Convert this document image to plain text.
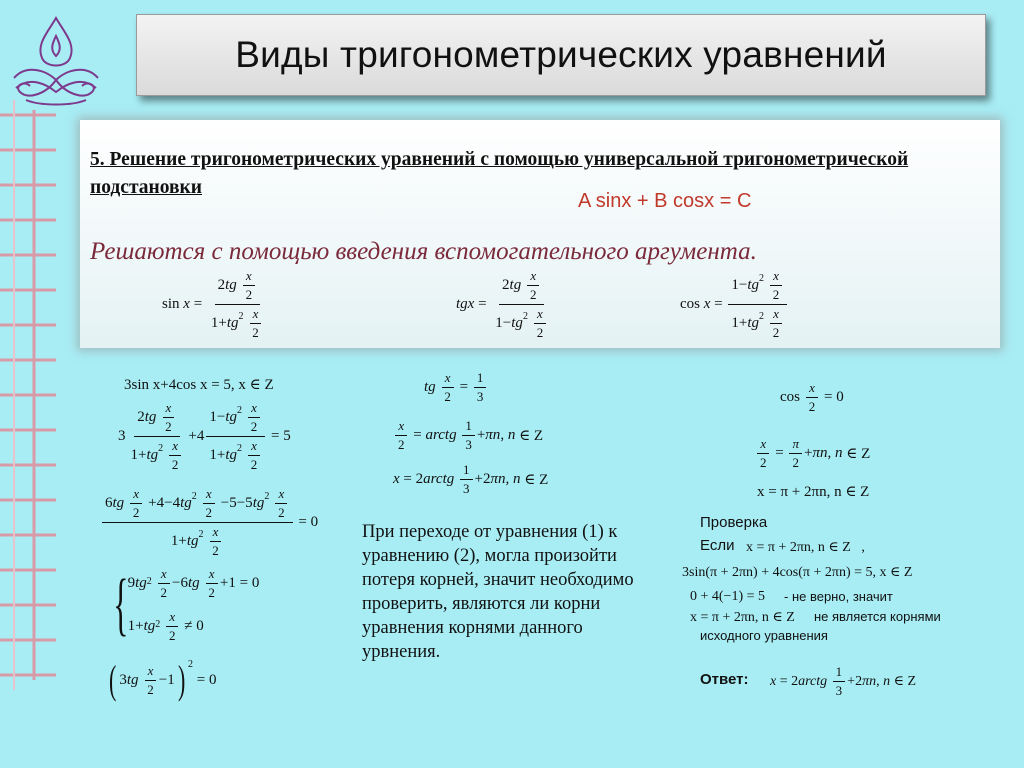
Виды тригонометрических уравнений
5. Решение тригонометрических уравнений с помощью универсальной тригонометрической подстановки
A sinx + B cosx = C
Решаются с помощью введения вспомогательного аргумента.
$\sin x = \frac{2tg \frac{x}{2}}{1+tg^2 \frac{x}{2}}$	tgx = $\frac{2tg \frac{x}{2}}{1-tg^2 \frac{x}{2}}$	$\cos x = \frac{1-tg^2 \frac{x}{2}}{1+tg^2 \frac{x}{2}}$
3sin x+4cos x = 5, x ∈ Z
$3 \frac{2tg \frac{x}{2}}{1+tg^2 \frac{x}{2}} +4 \frac{1-tg^2 \frac{x}{2}}{1+tg^2 \frac{x}{2}} = 5$
$\frac{6tg \frac{x}{2} +4-4tg^2 \frac{x}{2} -5-5tg^2 \frac{x}{2}}{1+tg^2 \frac{x}{2}} = 0$
{ 9 tg 2
$\frac{x}{2} -6$ tg
$\frac{x}{2} +1 = 0$
1+ tg 2
$\frac{x}{2} \ne 0$
( 3 tg
$\frac{x}{2} -1$ ) 2
= 0
tg
$\frac{x}{2} = \frac{1}{3}$
$\frac{x}{2}$ = arctg
$\frac{1}{3} + \pi n$ , n ∈ Z
x = 2 arctg
$\frac{1}{3} +2$ πn , n ∈ Z
$\cos \frac{x}{2} = 0$
$\frac{x}{2} = \frac{\pi}{2} + \pi n$ , n ∈ Z
x = π + 2πn, n ∈ Z
При переходе от уравнения (1) к уравнению (2), могла произойти потеря корней, значит необходимо проверить, являются ли корни уравнения корнями данного урвнения.
Проверка
Если x = π + 2πn, n ∈ Z ,
3sin(π + 2πn) + 4cos(π + 2πn) = 5, x ∈ Z
0 + 4(−1) = 5 - не верно, значит
x = π + 2πn, n ∈ Z не является корнями
исходного уравнения
Ответ: x = 2 arctg
$\frac{1}{3} +2$ πn , n ∈ Z
